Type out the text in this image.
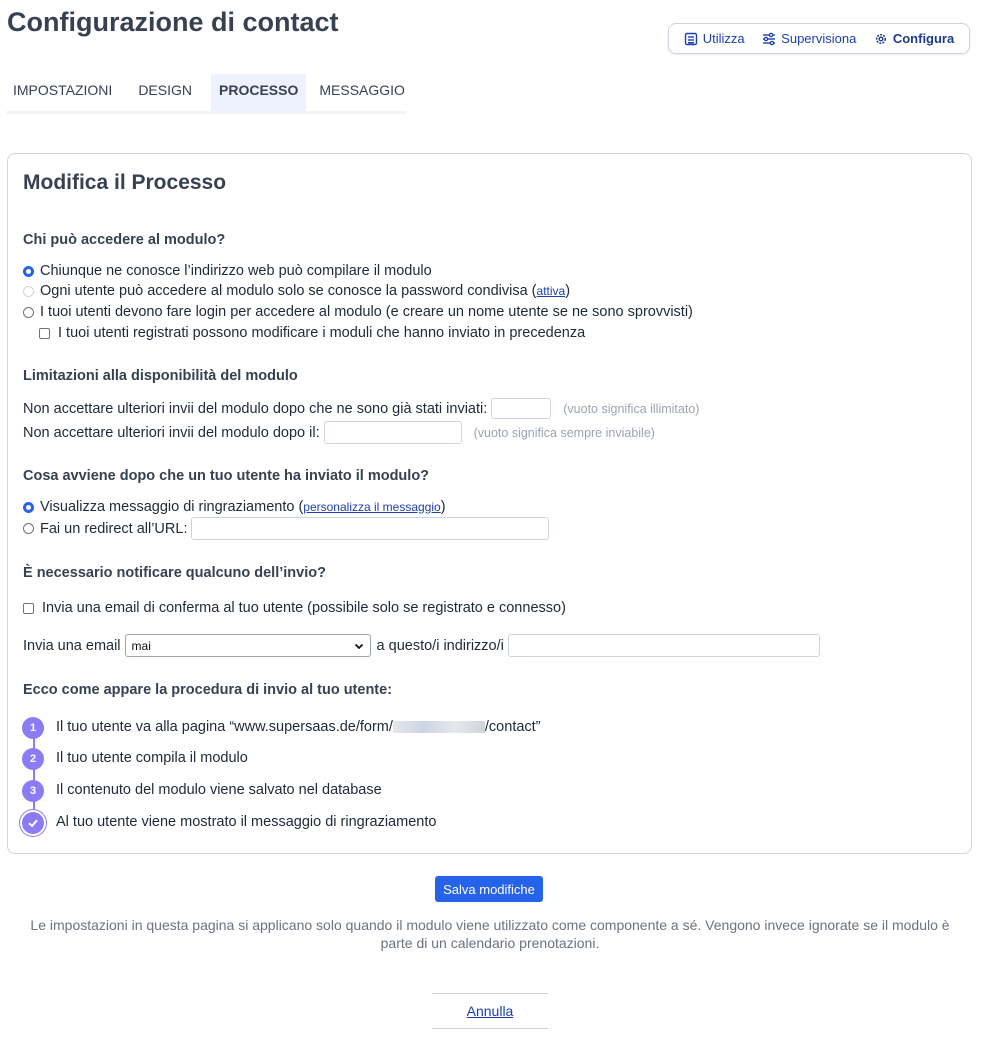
Configurazione di contact
Utilizza	Supervisiona	Configura
IMPOSTAZIONI	DESIGN	PROCESSO	MESSAGGIO
Modifica il Processo
Chi può accedere al modulo?
Chiunque ne conosce l’indirizzo web può compilare il modulo
Ogni utente può accedere al modulo solo se conosce la password condivisa ( attiva )
I tuoi utenti devono fare login per accedere al modulo (e creare un nome utente se ne sono sprovvisti)
I tuoi utenti registrati possono modificare i moduli che hanno inviato in precedenza
Limitazioni alla disponibilità del modulo
Non accettare ulteriori invii del modulo dopo che ne sono già stati inviati:	(vuoto significa illimitato)
Non accettare ulteriori invii del modulo dopo il:	(vuoto significa sempre inviabile)
Cosa avviene dopo che un tuo utente ha inviato il modulo?
Visualizza messaggio di ringraziamento ( personalizza il messaggio )
Fai un redirect all’URL:
È necessario notificare qualcuno dell’invio?
Invia una email di conferma al tuo utente (possibile solo se registrato e connesso)
Invia una email mai	a questo/i indirizzo/i
Ecco come appare la procedura di invio al tuo utente:
1	Il tuo utente va alla pagina “www.supersaas.de/form/	/contact”
2	Il tuo utente compila il modulo
3	Il contenuto del modulo viene salvato nel database
Al tuo utente viene mostrato il messaggio di ringraziamento
Salva modifiche
Le impostazioni in questa pagina si applicano solo quando il modulo viene utilizzato come componente a sé. Vengono invece ignorate se il modulo è parte di un calendario prenotazioni.
Annulla
